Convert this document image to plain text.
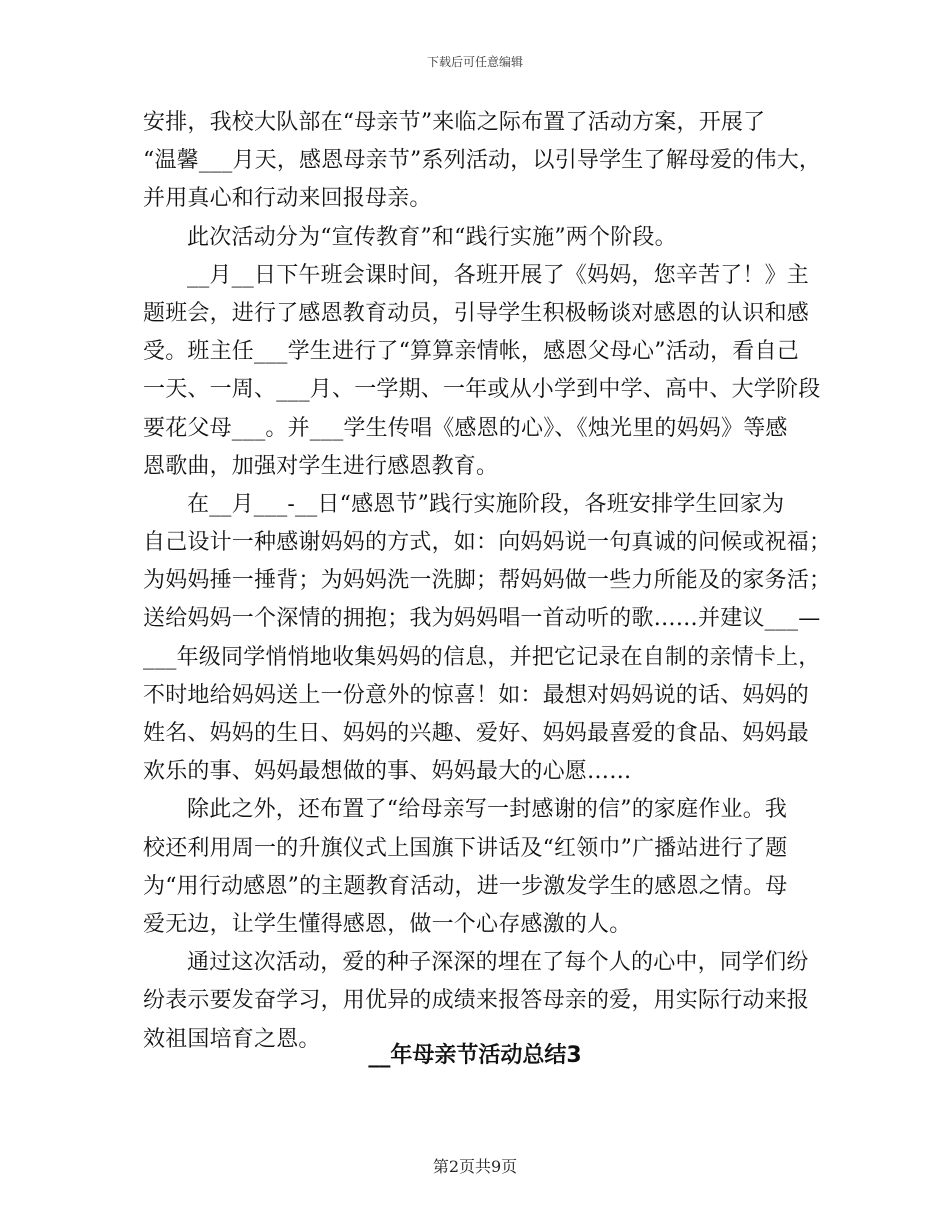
下载后可任意编辑
安排，我校大队部在“母亲节”来临之际布置了活动方案，开展了
“温馨___月天，感恩母亲节”系列活动，以引导学生了解母爱的伟大，
并用真心和行动来回报母亲。
此次活动分为“宣传教育”和“践行实施”两个阶段。
__月__日下午班会课时间，各班开展了《妈妈，您辛苦了！》主
题班会，进行了感恩教育动员，引导学生积极畅谈对感恩的认识和感
受。班主任___学生进行了“算算亲情帐，感恩父母心”活动，看自己
一天、一周、___月、一学期、一年或从小学到中学、高中、大学阶段
要花父母___。并___学生传唱《感恩的心》、《烛光里的妈妈》等感
恩歌曲，加强对学生进行感恩教育。
在__月___-__日“感恩节”践行实施阶段，各班安排学生回家为
自己设计一种感谢妈妈的方式，如：向妈妈说一句真诚的问候或祝福；
为妈妈捶一捶背；为妈妈洗一洗脚；帮妈妈做一些力所能及的家务活；
送给妈妈一个深情的拥抱；我为妈妈唱一首动听的歌……并建议___—
___年级同学悄悄地收集妈妈的信息，并把它记录在自制的亲情卡上，
不时地给妈妈送上一份意外的惊喜！如：最想对妈妈说的话、妈妈的
姓名、妈妈的生日、妈妈的兴趣、爱好、妈妈最喜爱的食品、妈妈最
欢乐的事、妈妈最想做的事、妈妈最大的心愿……
除此之外，还布置了“给母亲写一封感谢的信”的家庭作业。我
校还利用周一的升旗仪式上国旗下讲话及“红领巾”广播站进行了题
为“用行动感恩”的主题教育活动，进一步激发学生的感恩之情。母
爱无边，让学生懂得感恩，做一个心存感激的人。
通过这次活动，爱的种子深深的埋在了每个人的心中，同学们纷
纷表示要发奋学习，用优异的成绩来报答母亲的爱，用实际行动来报
效祖国培育之恩。
__年母亲节活动总结3
第2页共9页
